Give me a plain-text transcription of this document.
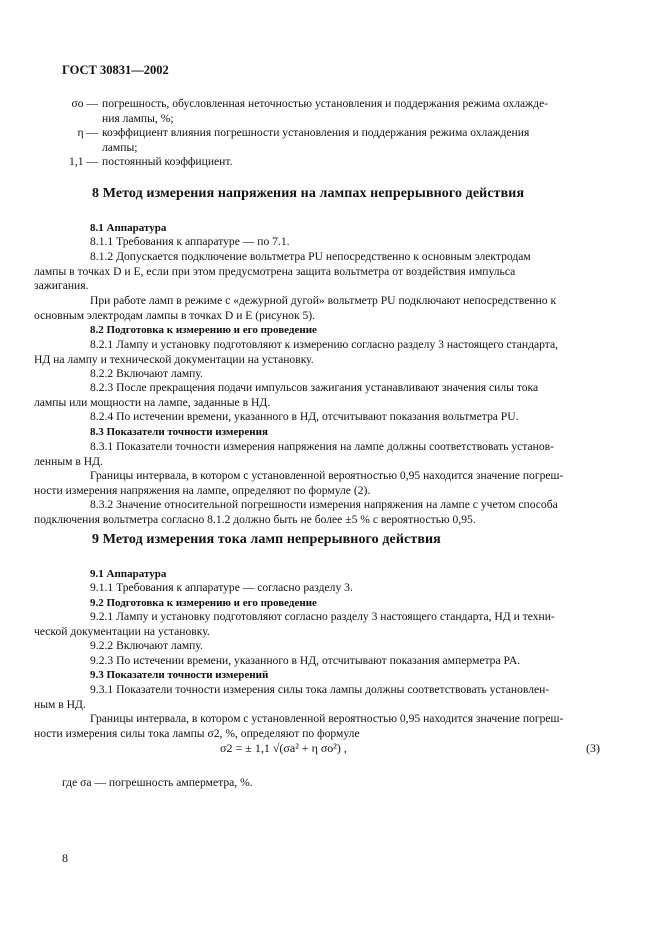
ГОСТ 30831—2002
σo — погрешность, обусловленная неточностью установления и поддержания режима охлажде-
ния лампы, %;
η — коэффициент влияния погрешности установления и поддержания режима охлаждения
лампы;
1,1 — постоянный коэффициент.
8 Метод измерения напряжения на лампах непрерывного действия
8.1 Аппаратура
8.1.1 Требования к аппаратуре — по 7.1.
8.1.2 Допускается подключение вольтметра PU непосредственно к основным электродам
лампы в точках D и E, если при этом предусмотрена защита вольтметра от воздействия импульса
зажигания.
При работе ламп в режиме с «дежурной дугой» вольтметр PU подключают непосредственно к
основным электродам лампы в точках D и E (рисунок 5).
8.2 Подготовка к измерению и его проведение
8.2.1 Лампу и установку подготовляют к измерению согласно разделу 3 настоящего стандарта,
НД на лампу и технической документации на установку.
8.2.2 Включают лампу.
8.2.3 После прекращения подачи импульсов зажигания устанавливают значения силы тока
лампы или мощности на лампе, заданные в НД.
8.2.4 По истечении времени, указанного в НД, отсчитывают показания вольтметра PU.
8.3 Показатели точности измерения
8.3.1 Показатели точности измерения напряжения на лампе должны соответствовать установ-
ленным в НД.
Границы интервала, в котором с установленной вероятностью 0,95 находится значение погреш-
ности измерения напряжения на лампе, определяют по формуле (2).
8.3.2 Значение относительной погрешности измерения напряжения на лампе с учетом способа
подключения вольтметра согласно 8.1.2 должно быть не более ±5 % с вероятностью 0,95.
9 Метод измерения тока ламп непрерывного действия
9.1 Аппаратура
9.1.1 Требования к аппаратуре — согласно разделу 3.
9.2 Подготовка к измерению и его проведение
9.2.1 Лампу и установку подготовляют согласно разделу 3 настоящего стандарта, НД и техни-
ческой документации на установку.
9.2.2 Включают лампу.
9.2.3 По истечении времени, указанного в НД, отсчитывают показания амперметра PA.
9.3 Показатели точности измерений
9.3.1 Показатели точности измерения силы тока лампы должны соответствовать установлен-
ным в НД.
Границы интервала, в котором с установленной вероятностью 0,95 находится значение погреш-
ности измерения силы тока лампы σ2, %, определяют по формуле
σ2 = ± 1,1 √(σa² + η σo²) ,	(3)
где σa — погрешность амперметра, %.
8
